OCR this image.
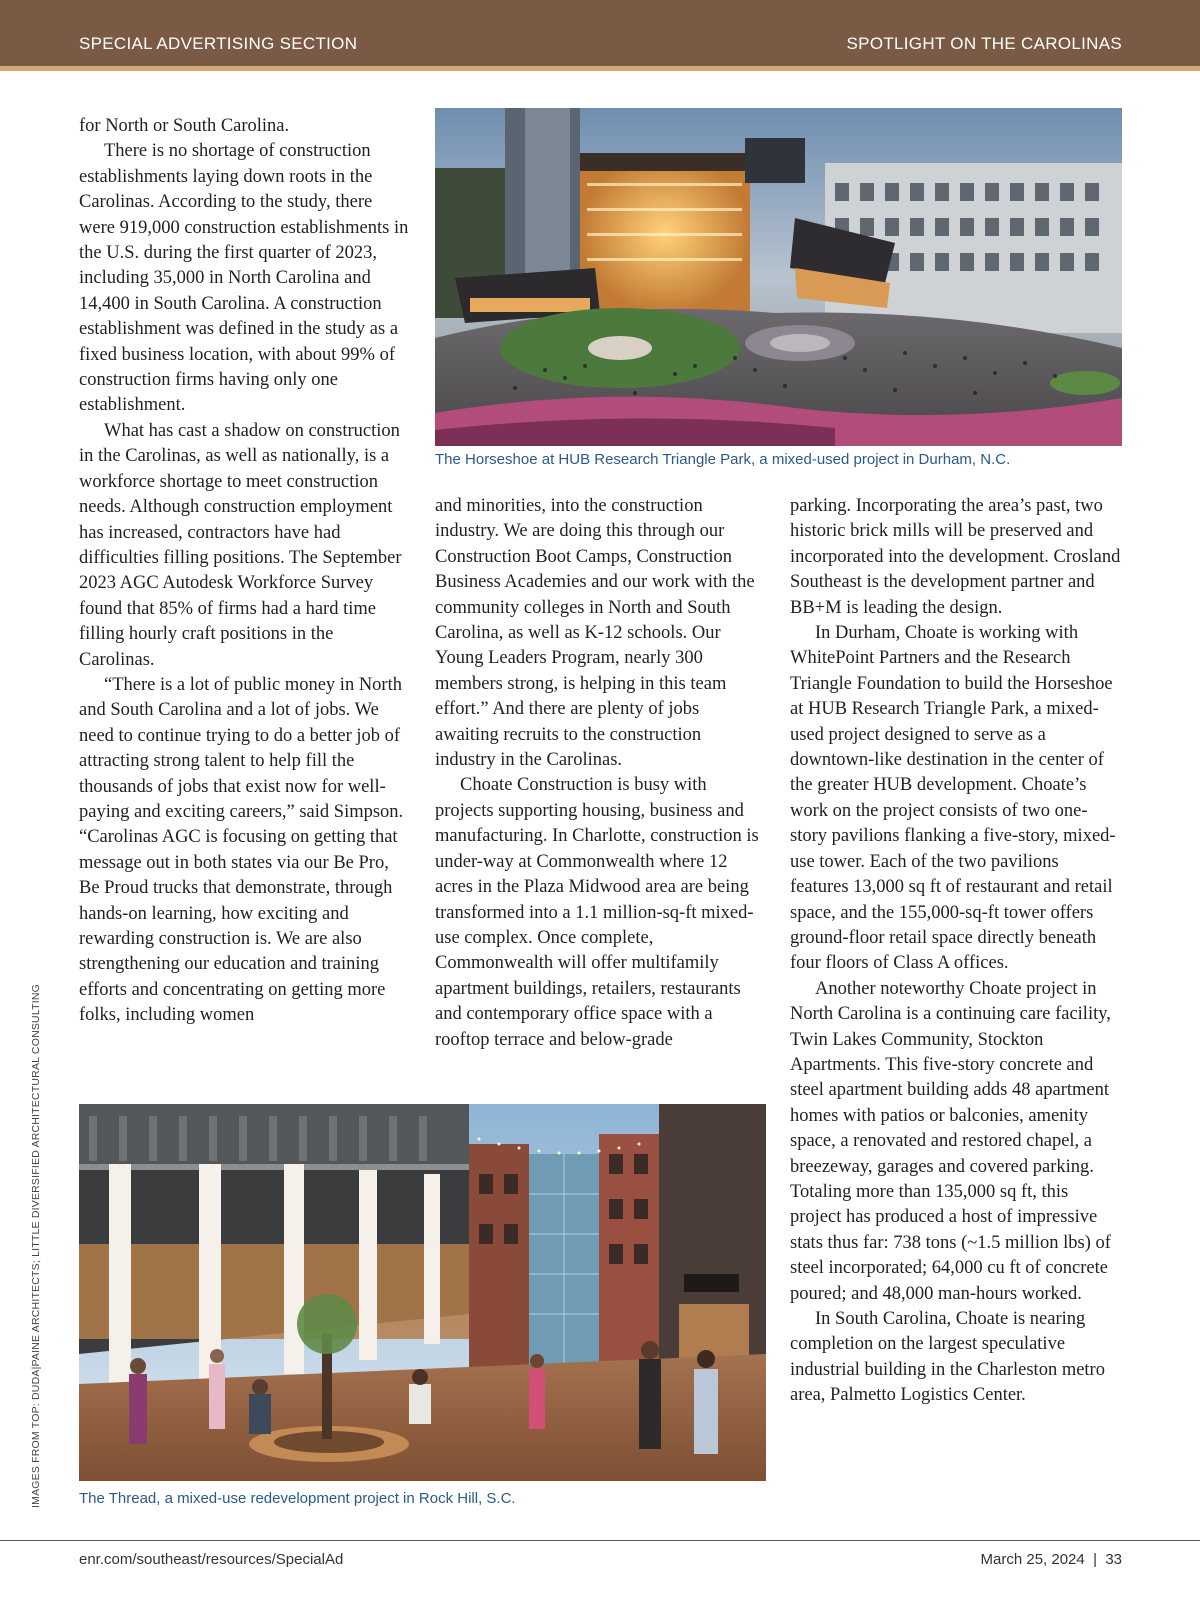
SPECIAL ADVERTISING SECTION	SPOTLIGHT ON THE CAROLINAS

for North or South Carolina.

There is no shortage of construction establishments laying down roots in the Carolinas. According to the study, there were 919,000 construction establishments in the U.S. during the first quarter of 2023, including 35,000 in North Carolina and 14,400 in South Carolina. A construction establishment was defined in the study as a fixed business location, with about 99% of construction firms having only one establishment.

What has cast a shadow on construction in the Carolinas, as well as nationally, is a workforce shortage to meet construction needs. Although construction employment has increased, contractors have had difficulties filling positions. The September 2023 AGC Autodesk Workforce Survey found that 85% of firms had a hard time filling hourly craft positions in the Carolinas.

“There is a lot of public money in North and South Carolina and a lot of jobs. We need to continue trying to do a better job of attracting strong talent to help fill the thousands of jobs that exist now for well-paying and exciting careers,” said Simpson. “Carolinas AGC is focusing on getting that message out in both states via our Be Pro, Be Proud trucks that demonstrate, through hands-on learning, how exciting and rewarding construction is. We are also strengthening our education and training efforts and concentrating on getting more folks, including women

The Horseshoe at HUB Research Triangle Park, a mixed-used project in Durham, N.C.

and minorities, into the construction industry. We are doing this through our Construction Boot Camps, Construction Business Academies and our work with the community colleges in North and South Carolina, as well as K-12 schools. Our Young Leaders Program, nearly 300 members strong, is helping in this team effort.” And there are plenty of jobs awaiting recruits to the construction industry in the Carolinas.

Choate Construction is busy with projects supporting housing, business and manufacturing. In Charlotte, construction is under-way at Commonwealth where 12 acres in the Plaza Midwood area are being transformed into a 1.1 million-sq-ft mixed-use complex. Once complete, Commonwealth will offer multifamily apartment buildings, retailers, restaurants and contemporary office space with a rooftop terrace and below-grade

parking. Incorporating the area’s past, two historic brick mills will be preserved and incorporated into the development. Crosland Southeast is the development partner and BB+M is leading the design.

In Durham, Choate is working with WhitePoint Partners and the Research Triangle Foundation to build the Horseshoe at HUB Research Triangle Park, a mixed-used project designed to serve as a downtown-like destination in the center of the greater HUB development. Choate’s work on the project consists of two one-story pavilions flanking a five-story, mixed-use tower. Each of the two pavilions features 13,000 sq ft of restaurant and retail space, and the 155,000-sq-ft tower offers ground-floor retail space directly beneath four floors of Class A offices.

Another noteworthy Choate project in North Carolina is a continuing care facility, Twin Lakes Community, Stockton Apartments. This five-story concrete and steel apartment building adds 48 apartment homes with patios or balconies, amenity space, a renovated and restored chapel, a breezeway, garages and covered parking. Totaling more than 135,000 sq ft, this project has produced a host of impressive stats thus far: 738 tons (~1.5 million lbs) of steel incorporated; 64,000 cu ft of concrete poured; and 48,000 man-hours worked.

In South Carolina, Choate is nearing completion on the largest speculative industrial building in the Charleston metro area, Palmetto Logistics Center.

The Thread, a mixed-use redevelopment project in Rock Hill, S.C.
IMAGES FROM TOP: DUDA|PAINE ARCHITECTS; LITTLE DIVERSIFIED ARCHITECTURAL CONSULTING
enr.com/southeast/resources/SpecialAd	March 25, 2024  |  33
